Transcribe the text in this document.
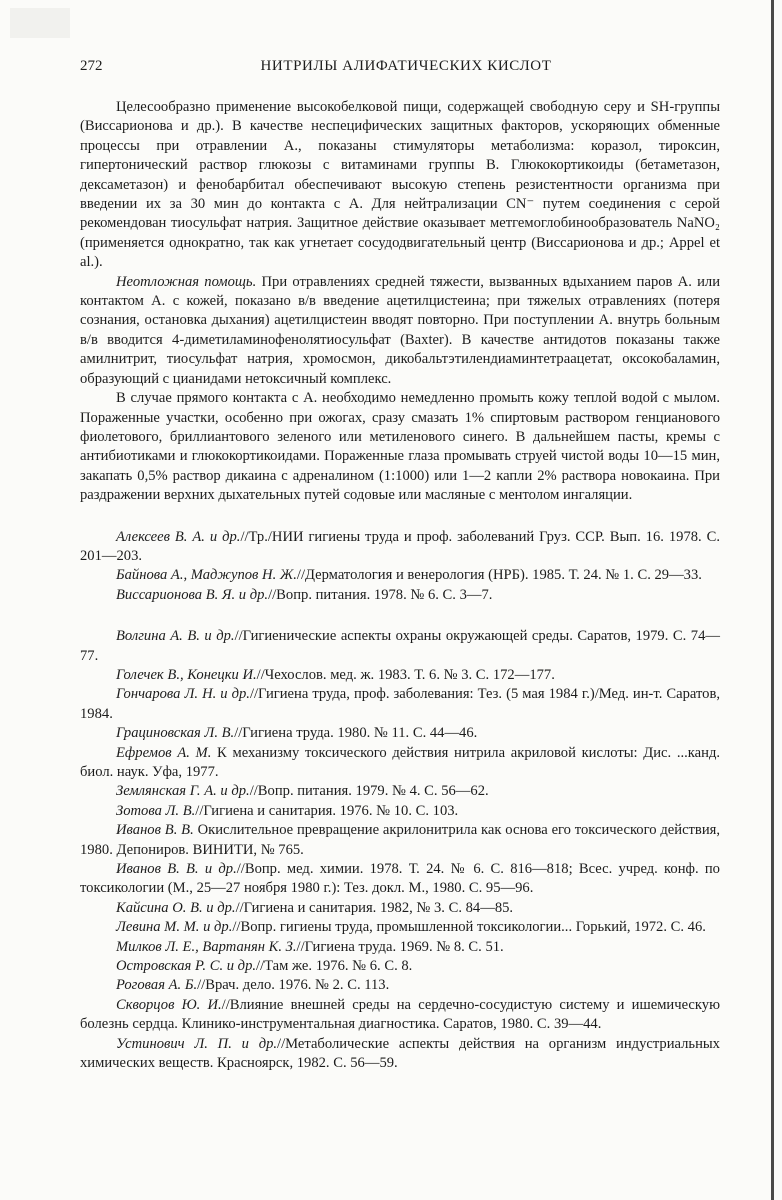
272	НИТРИЛЫ АЛИФАТИЧЕСКИХ КИСЛОТ

Целесообразно применение высокобелковой пищи, содержащей свободную серу и SH-группы (Виссарионова и др.). В качестве неспецифических защитных факторов, ускоряющих обменные процессы при отравлении А., показаны стимуляторы метаболизма: коразол, тироксин, гипертонический раствор глюкозы с витаминами группы В. Глюкокортикоиды (бетаметазон, дексаметазон) и фенобарбитал обеспечивают высокую степень резистентности организма при введении их за 30 мин до контакта с А. Для нейтрализации CN⁻ путем соединения с серой рекомендован тиосульфат натрия. Защитное действие оказывает метгемоглобинообразователь NaNO₂ (применяется однократно, так как угнетает сосудодвигательный центр (Виссарионова и др.; Appel et al.).

Неотложная помощь. При отравлениях средней тяжести, вызванных вдыханием паров А. или контактом А. с кожей, показано в/в введение ацетилцистеина; при тяжелых отравлениях (потеря сознания, остановка дыхания) ацетилцистеин вводят повторно. При поступлении А. внутрь больным в/в вводится 4-диметиламинофенолятиосульфат (Baxter). В качестве антидотов показаны также амилнитрит, тиосульфат натрия, хромосмон, дикобальтэтилендиаминтетраацетат, оксокобаламин, образующий с цианидами нетоксичный комплекс.

В случае прямого контакта с А. необходимо немедленно промыть кожу теплой водой с мылом. Пораженные участки, особенно при ожогах, сразу смазать 1% спиртовым раствором генцианового фиолетового, бриллиантового зеленого или метиленового синего. В дальнейшем пасты, кремы с антибиотиками и глюкокортикоидами. Пораженные глаза промывать струей чистой воды 10—15 мин, закапать 0,5% раствор дикаина с адреналином (1:1000) или 1—2 капли 2% раствора новокаина. При раздражении верхних дыхательных путей содовые или масляные с ментолом ингаляции.

Алексеев В. А. и др.//Тр./НИИ гигиены труда и проф. заболеваний Груз. ССР. Вып. 16. 1978. С. 201—203.

Байнова А., Маджупов Н. Ж.//Дерматология и венерология (НРБ). 1985. Т. 24. № 1. С. 29—33.

Виссарионова В. Я. и др.//Вопр. питания. 1978. № 6. С. 3—7.

Волгина А. В. и др.//Гигиенические аспекты охраны окружающей среды. Саратов, 1979. С. 74—77.

Голечек В., Конецки И.//Чехослов. мед. ж. 1983. Т. 6. № 3. С. 172—177.

Гончарова Л. Н. и др.//Гигиена труда, проф. заболевания: Тез. (5 мая 1984 г.)/Мед. ин-т. Саратов, 1984.

Грациновская Л. В.//Гигиена труда. 1980. № 11. С. 44—46.

Ефремов А. М. К механизму токсического действия нитрила акриловой кислоты: Дис. ...канд. биол. наук. Уфа, 1977.

Землянская Г. А. и др.//Вопр. питания. 1979. № 4. С. 56—62.

Зотова Л. В.//Гигиена и санитария. 1976. № 10. С. 103.

Иванов В. В. Окислительное превращение акрилонитрила как основа его токсического действия, 1980. Депониров. ВИНИТИ, № 765.

Иванов В. В. и др.//Вопр. мед. химии. 1978. Т. 24. № 6. С. 816—818; Всес. учред. конф. по токсикологии (М., 25—27 ноября 1980 г.): Тез. докл. М., 1980. С. 95—96.

Кайсина О. В. и др.//Гигиена и санитария. 1982, № 3. С. 84—85.

Левина М. М. и др.//Вопр. гигиены труда, промышленной токсикологии... Горький, 1972. С. 46.

Милков Л. Е., Вартанян К. З.//Гигиена труда. 1969. № 8. С. 51.

Островская Р. С. и др.//Там же. 1976. № 6. С. 8.

Роговая А. Б.//Врач. дело. 1976. № 2. С. 113.

Скворцов Ю. И.//Влияние внешней среды на сердечно-сосудистую систему и ишемическую болезнь сердца. Клинико-инструментальная диагностика. Саратов, 1980. С. 39—44.

Устинович Л. П. и др.//Метаболические аспекты действия на организм индустриальных химических веществ. Красноярск, 1982. С. 56—59.
